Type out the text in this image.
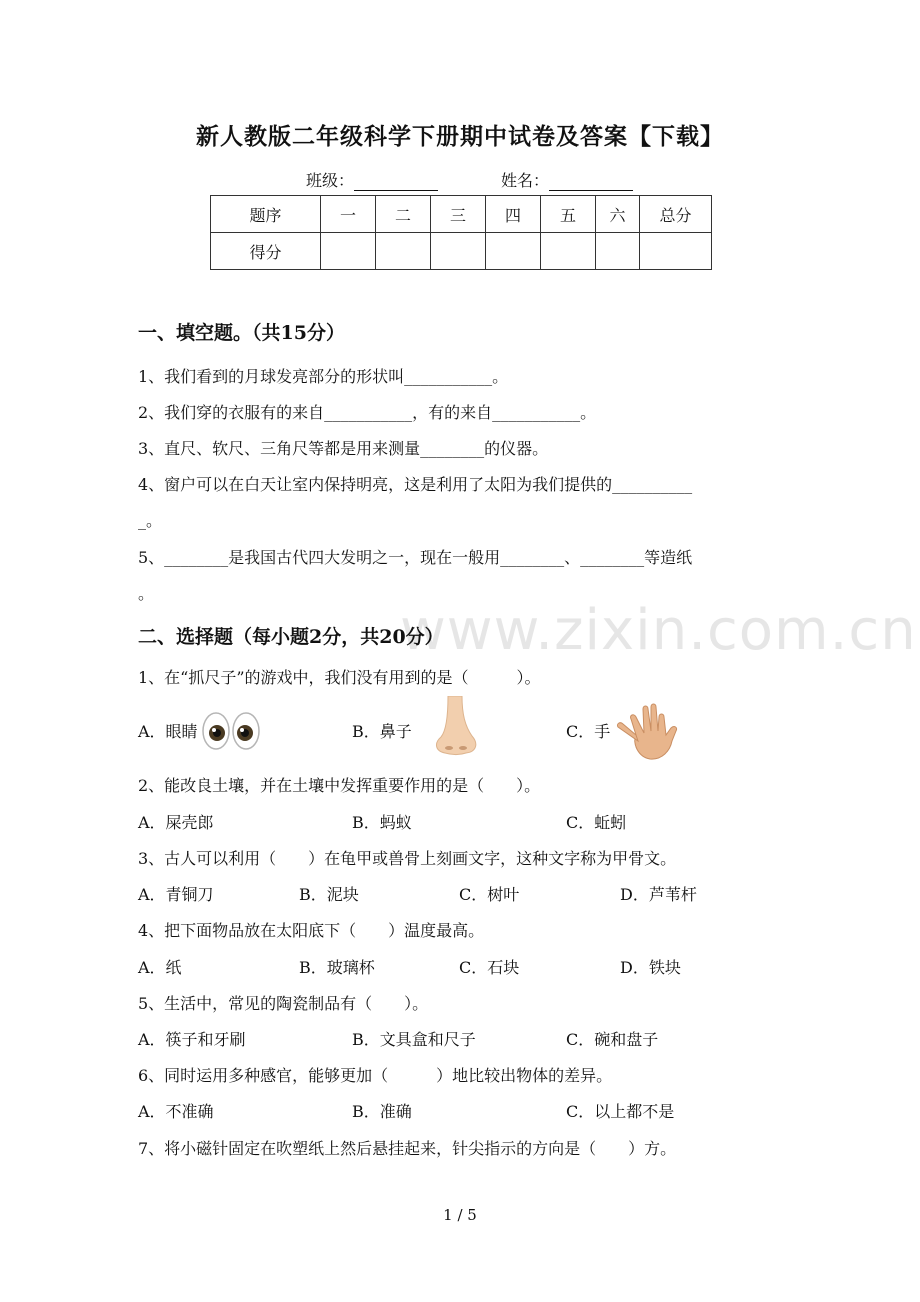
新人教版二年级科学下册期中试卷及答案【下载】
班级：	姓名：
题序	一	二	三	四	五	六	总分
得分							
www.zixin.com.cn
一、填空题。（共15分）
1、我们看到的月球发亮部分的形状叫___________。
2、我们穿的衣服有的来自___________，有的来自___________。
3、直尺、软尺、三角尺等都是用来测量________的仪器。
4、窗户可以在白天让室内保持明亮，这是利用了太阳为我们提供的__________
_。
5、________是我国古代四大发明之一，现在一般用________、________等造纸
。
二、选择题（每小题2分，共20分）
1、在“抓尺子”的游戏中，我们没有用到的是（　　　）。
A．眼睛	B．鼻子	C．手
2、能改良土壤，并在土壤中发挥重要作用的是（　　）。
A．屎壳郎	B．蚂蚁	C．蚯蚓
3、古人可以利用（　　）在龟甲或兽骨上刻画文字，这种文字称为甲骨文。
A．青铜刀	B．泥块	C．树叶	D．芦苇杆
4、把下面物品放在太阳底下（　　）温度最高。
A．纸	B．玻璃杯	C．石块	D．铁块
5、生活中，常见的陶瓷制品有（　　）。
A．筷子和牙刷	B．文具盒和尺子	C．碗和盘子
6、同时运用多种感官，能够更加（　　　）地比较出物体的差异。
A．不准确	B．准确	C．以上都不是
7、将小磁针固定在吹塑纸上然后悬挂起来，针尖指示的方向是（　　）方。
1 / 5
